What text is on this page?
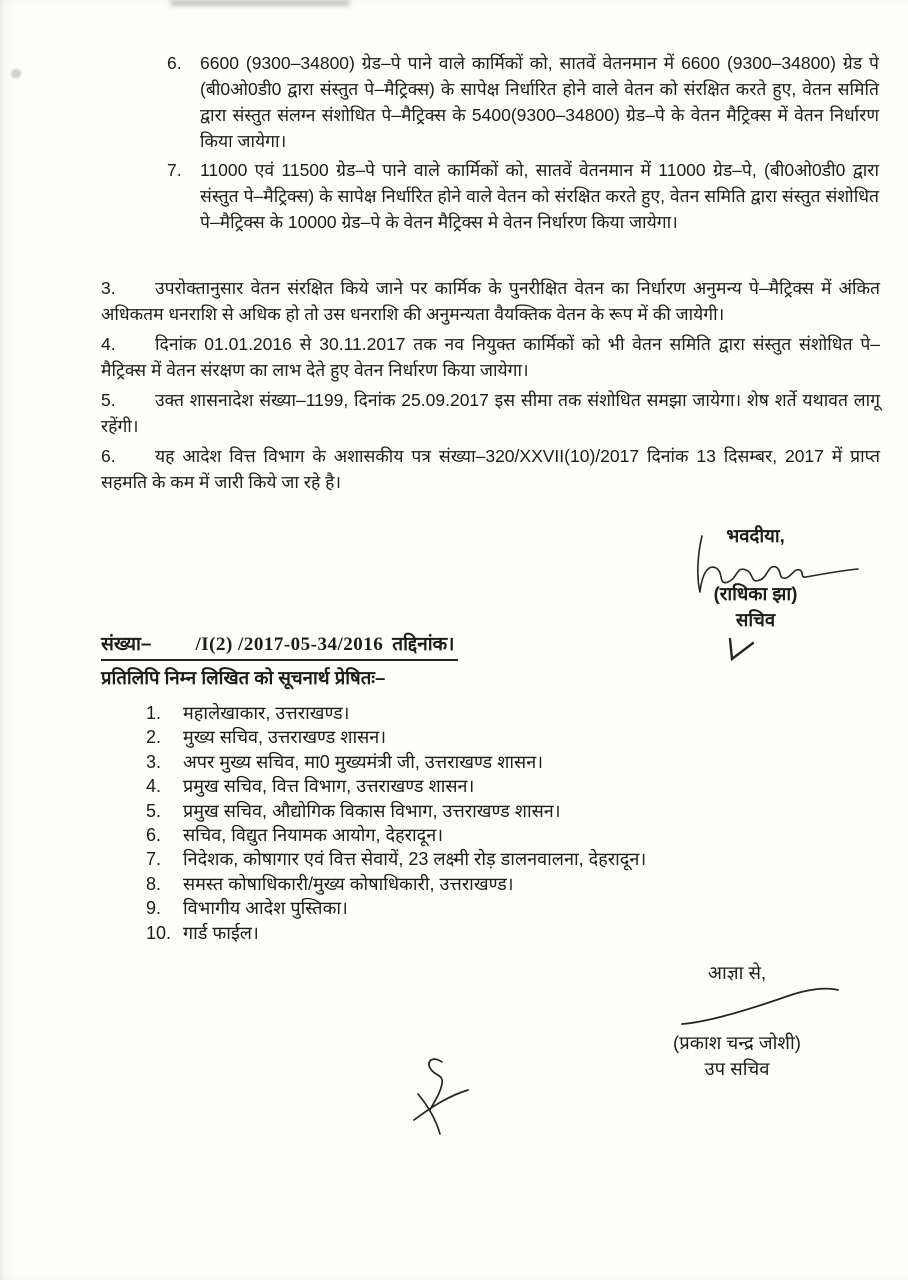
6.	6600 (9300–34800) ग्रेड–पे पाने वाले कार्मिकों को, सातवें वेतनमान में 6600 (9300–34800) ग्रेड पे (बी0ओ0डी0 द्वारा संस्तुत पे–मैट्रिक्स) के सापेक्ष निर्धारित होने वाले वेतन को संरक्षित करते हुए, वेतन समिति द्वारा संस्तुत संलग्न संशोधित पे–मैट्रिक्स के 5400(9300–34800) ग्रेड–पे के वेतन मैट्रिक्स में वेतन निर्धारण किया जायेगा।
7.	11000 एवं 11500 ग्रेड–पे पाने वाले कार्मिकों को, सातवें वेतनमान में 11000 ग्रेड–पे, (बी0ओ0डी0 द्वारा संस्तुत पे–मैट्रिक्स) के सापेक्ष निर्धारित होने वाले वेतन को संरक्षित करते हुए, वेतन समिति द्वारा संस्तुत संशोधित पे–मैट्रिक्स के 10000 ग्रेड–पे के वेतन मैट्रिक्स मे वेतन निर्धारण किया जायेगा।

3. उपरोक्तानुसार वेतन संरक्षित किये जाने पर कार्मिक के पुनरीक्षित वेतन का निर्धारण अनुमन्य पे–मैट्रिक्स में अंकित अधिकतम धनराशि से अधिक हो तो उस धनराशि की अनुमन्यता वैयक्तिक वेतन के रूप में की जायेगी।

4. दिनांक 01.01.2016 से 30.11.2017 तक नव नियुक्त कार्मिकों को भी वेतन समिति द्वारा संस्तुत संशोधित पे–मैट्रिक्स में वेतन संरक्षण का लाभ देते हुए वेतन निर्धारण किया जायेगा।

5. उक्त शासनादेश संख्या–1199, दिनांक 25.09.2017 इस सीमा तक संशोधित समझा जायेगा। शेष शर्ते यथावत लागू रहेंगी।

6. यह आदेश वित्त विभाग के अशासकीय पत्र संख्या–320/XXVII(10)/2017 दिनांक 13 दिसम्बर, 2017 में प्राप्त सहमति के कम में जारी किये जा रहे है।

भवदीया,
(राधिका झा)
सचिव
संख्या– /I(2) /2017-05-34/2016 तद्दिनांक।
प्रतिलिपि निम्न लिखित को सूचनार्थ प्रेषितः–
1.	महालेखाकार, उत्तराखण्ड।
2.	मुख्य सचिव, उत्तराखण्ड शासन।
3.	अपर मुख्य सचिव, मा0 मुख्यमंत्री जी, उत्तराखण्ड शासन।
4.	प्रमुख सचिव, वित्त विभाग, उत्तराखण्ड शासन।
5.	प्रमुख सचिव, औद्योगिक विकास विभाग, उत्तराखण्ड शासन।
6.	सचिव, विद्युत नियामक आयोग, देहरादून।
7.	निदेशक, कोषागार एवं वित्त सेवायें, 23 लक्ष्मी रोड़ डालनवालना, देहरादून।
8.	समस्त कोषाधिकारी/मुख्य कोषाधिकारी, उत्तराखण्ड।
9.	विभागीय आदेश पुस्तिका।
10. गार्ड फाईल।
आज्ञा से,
(प्रकाश चन्द्र जोशी)
उप सचिव
